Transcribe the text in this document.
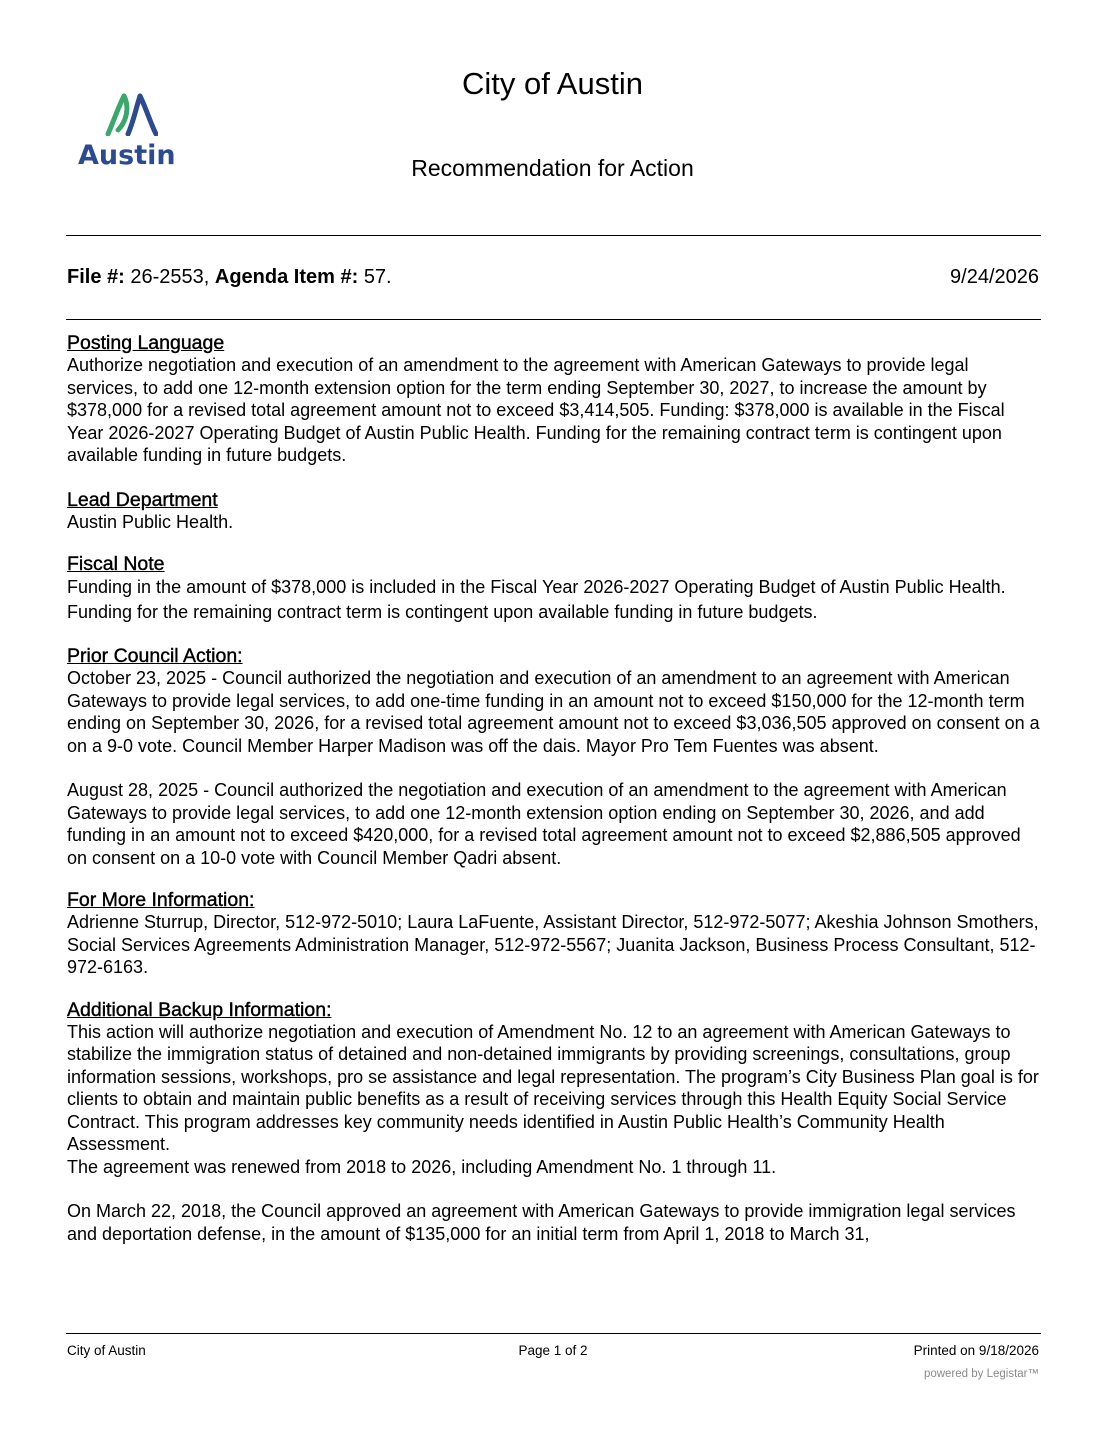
Austin
City of Austin
Recommendation for Action
File #: 26-2553, Agenda Item #: 57.	9/24/2026
Posting Language
Authorize negotiation and execution of an amendment to the agreement with American Gateways to provide legal services, to add one 12-month extension option for the term ending September 30, 2027, to increase the amount by $378,000 for a revised total agreement amount not to exceed $3,414,505. Funding: $378,000 is available in the Fiscal Year 2026-2027 Operating Budget of Austin Public Health. Funding for the remaining contract term is contingent upon available funding in future budgets.
Lead Department
Austin Public Health.
Fiscal Note
Funding in the amount of $378,000 is included in the Fiscal Year 2026-2027 Operating Budget of Austin Public Health. Funding for the remaining contract term is contingent upon available funding in future budgets.
Prior Council Action:
October 23, 2025 - Council authorized the negotiation and execution of an amendment to an agreement with American Gateways to provide legal services, to add one-time funding in an amount not to exceed $150,000 for the 12-month term ending on September 30, 2026, for a revised total agreement amount not to exceed $3,036,505 approved on consent on a on a 9-0 vote. Council Member Harper Madison was off the dais. Mayor Pro Tem Fuentes was absent.
August 28, 2025 - Council authorized the negotiation and execution of an amendment to the agreement with American Gateways to provide legal services, to add one 12-month extension option ending on September 30, 2026, and add funding in an amount not to exceed $420,000, for a revised total agreement amount not to exceed $2,886,505 approved on consent on a 10-0 vote with Council Member Qadri absent.
For More Information:
Adrienne Sturrup, Director, 512-972-5010; Laura LaFuente, Assistant Director, 512-972-5077; Akeshia Johnson Smothers, Social Services Agreements Administration Manager, 512-972-5567; Juanita Jackson, Business Process Consultant, 512-972-6163.
Additional Backup Information:
This action will authorize negotiation and execution of Amendment No. 12 to an agreement with American Gateways to stabilize the immigration status of detained and non-detained immigrants by providing screenings, consultations, group information sessions, workshops, pro se assistance and legal representation. The program’s City Business Plan goal is for clients to obtain and maintain public benefits as a result of receiving services through this Health Equity Social Service Contract. This program addresses key community needs identified in Austin Public Health’s Community Health Assessment.
The agreement was renewed from 2018 to 2026, including Amendment No. 1 through 11.
On March 22, 2018, the Council approved an agreement with American Gateways to provide immigration legal services and deportation defense, in the amount of $135,000 for an initial term from April 1, 2018 to March 31,
City of Austin	Page 1 of 2	Printed on 9/18/2026
powered by Legistar™
